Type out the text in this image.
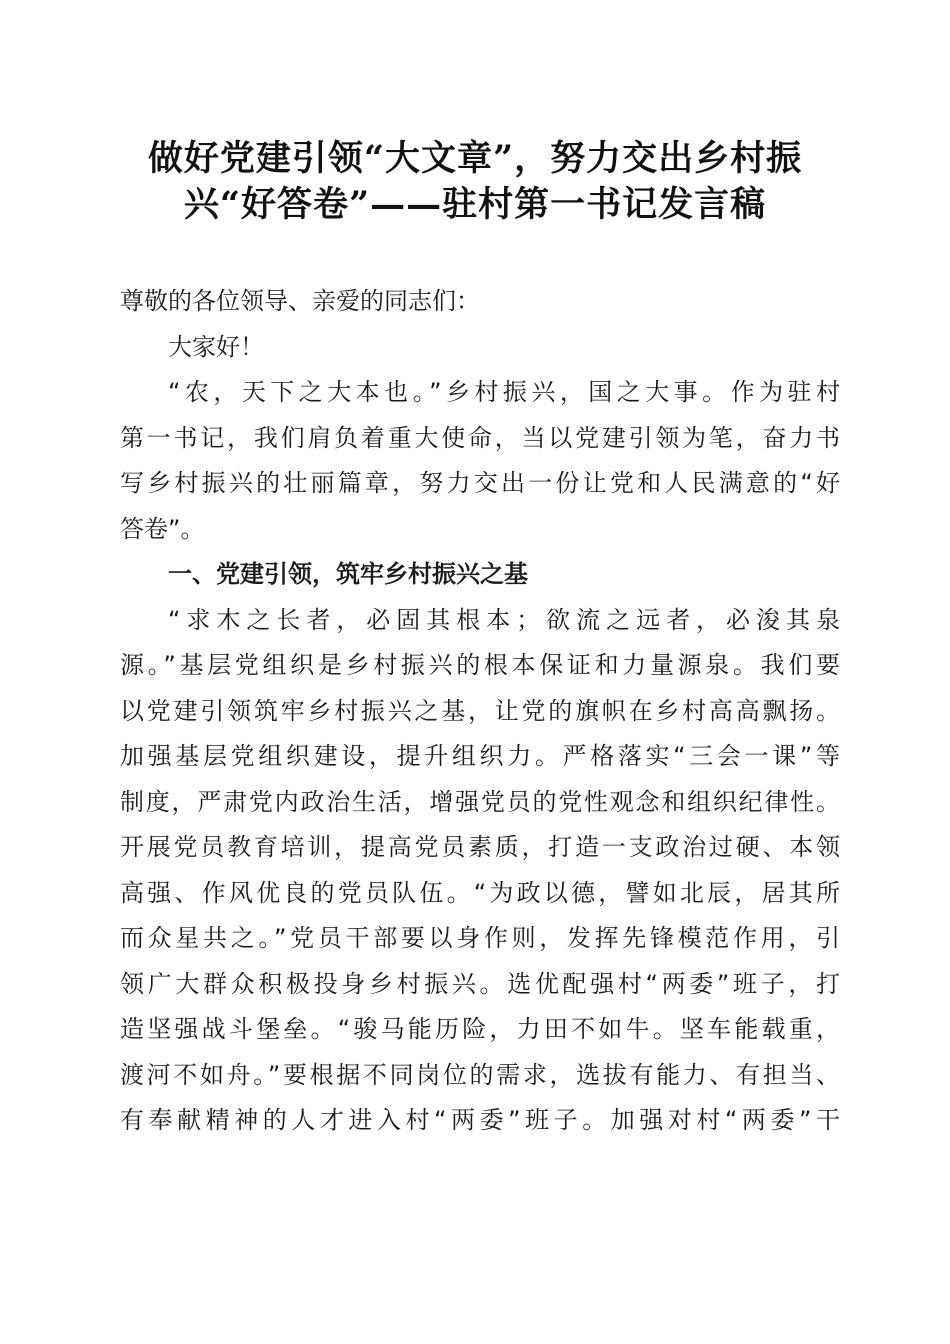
做好党建引领“大文章”，努力交出乡村振
兴“好答卷”——驻村第一书记发言稿
尊敬的各位领导、亲爱的同志们：
大家好！
“农，天下之大本也。”乡村振兴，国之大事。作为驻村
第一书记，我们肩负着重大使命，当以党建引领为笔，奋力书
写乡村振兴的壮丽篇章，努力交出一份让党和人民满意的“好
答卷”。
一、党建引领，筑牢乡村振兴之基
“求木之长者，必固其根本；欲流之远者，必浚其泉
源。”基层党组织是乡村振兴的根本保证和力量源泉。我们要
以党建引领筑牢乡村振兴之基，让党的旗帜在乡村高高飘扬。
加强基层党组织建设，提升组织力。严格落实“三会一课”等
制度，严肃党内政治生活，增强党员的党性观念和组织纪律性。
开展党员教育培训，提高党员素质，打造一支政治过硬、本领
高强、作风优良的党员队伍。“为政以德，譬如北辰，居其所
而众星共之。”党员干部要以身作则，发挥先锋模范作用，引
领广大群众积极投身乡村振兴。选优配强村“两委”班子，打
造坚强战斗堡垒。“骏马能历险，力田不如牛。坚车能载重，
渡河不如舟。”要根据不同岗位的需求，选拔有能力、有担当、
有奉献精神的人才进入村“两委”班子。加强对村“两委”干
